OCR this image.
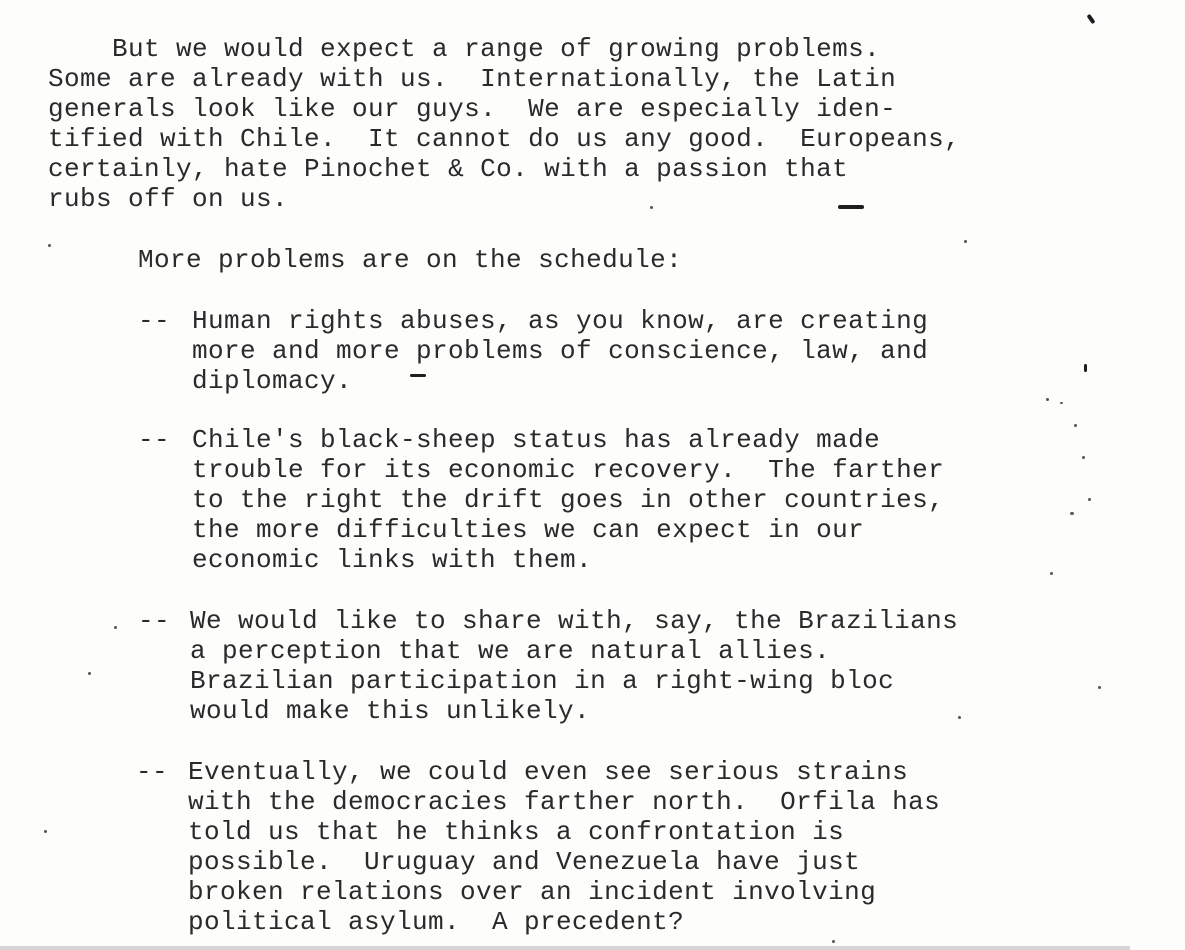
But we would expect a range of growing problems.
Some are already with us.  Internationally, the Latin
generals look like our guys.  We are especially iden-
tified with Chile.  It cannot do us any good.  Europeans,
certainly, hate Pinochet & Co. with a passion that
rubs off on us.
More problems are on the schedule:
-- Human rights abuses, as you know, are creating
more and more problems of conscience, law, and
diplomacy.
-- Chile's black-sheep status has already made
trouble for its economic recovery.  The farther
to the right the drift goes in other countries,
the more difficulties we can expect in our
economic links with them.
-- We would like to share with, say, the Brazilians
a perception that we are natural allies.
Brazilian participation in a right-wing bloc
would make this unlikely.
-- Eventually, we could even see serious strains
with the democracies farther north.  Orfila has
told us that he thinks a confrontation is
possible.  Uruguay and Venezuela have just
broken relations over an incident involving
political asylum.  A precedent?
